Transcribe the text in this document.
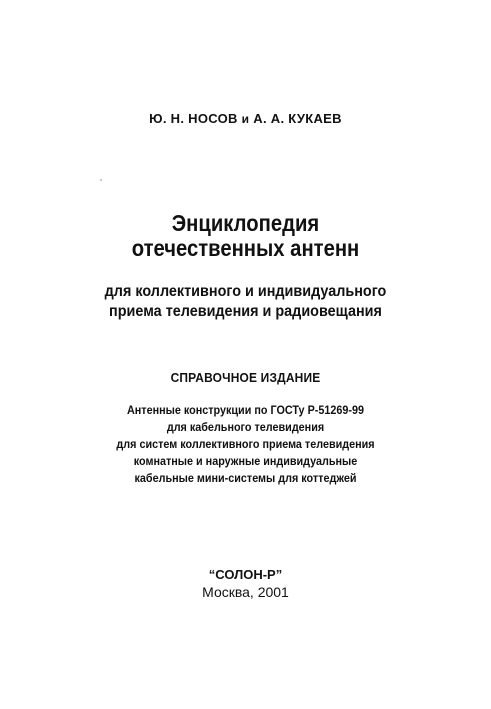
Ю. Н. НОСОВ и А. А. КУКАЕВ
Энциклопедия
отечественных антенн
для коллективного и индивидуального
приема телевидения и радиовещания
СПРАВОЧНОЕ ИЗДАНИЕ
Антенные конструкции по ГОСТу Р-51269-99
для кабельного телевидения
для систем коллективного приема телевидения
комнатные и наружные индивидуальные
кабельные мини-системы для коттеджей
“СОЛОН-Р”
Москва, 2001
